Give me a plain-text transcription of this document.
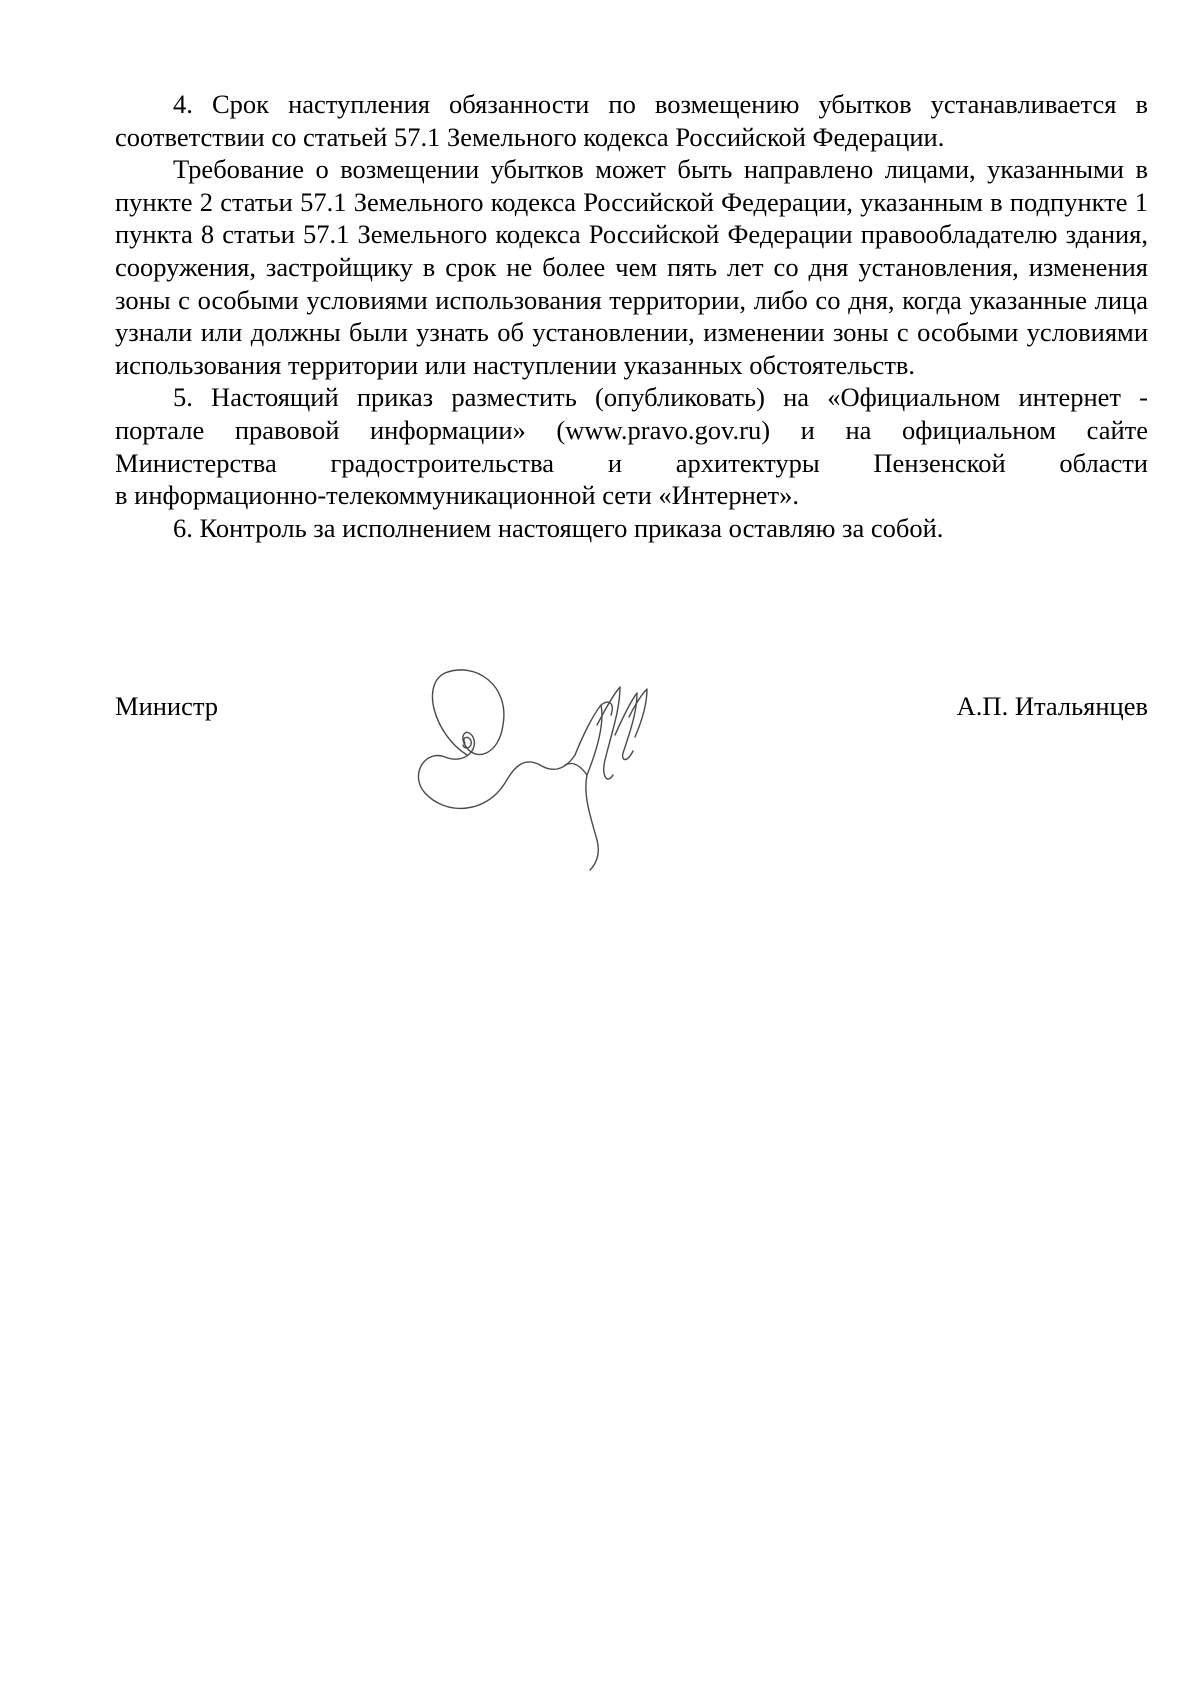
4. Срок наступления обязанности по возмещению убытков устанавливается в соответствии со статьей 57.1 Земельного кодекса Российской Федерации.

Требование о возмещении убытков может быть направлено лицами, указанными в пункте 2 статьи 57.1 Земельного кодекса Российской Федерации, указанным в подпункте 1 пункта 8 статьи 57.1 Земельного кодекса Российской Федерации правообладателю здания, сооружения, застройщику в срок не более чем пять лет со дня установления, изменения зоны с особыми условиями использования территории, либо со дня, когда указанные лица узнали или должны были узнать об установлении, изменении зоны с особыми условиями использования территории или наступлении указанных обстоятельств.

5. Настоящий приказ разместить (опубликовать) на «Официальном интернет - портале правовой информации» (www.pravo.gov.ru) и на официальном сайте Министерства градостроительства и архитектуры Пензенской области

в информационно-телекоммуникационной сети «Интернет».

6. Контроль за исполнением настоящего приказа оставляю за собой.

Министр	А.П. Итальянцев
